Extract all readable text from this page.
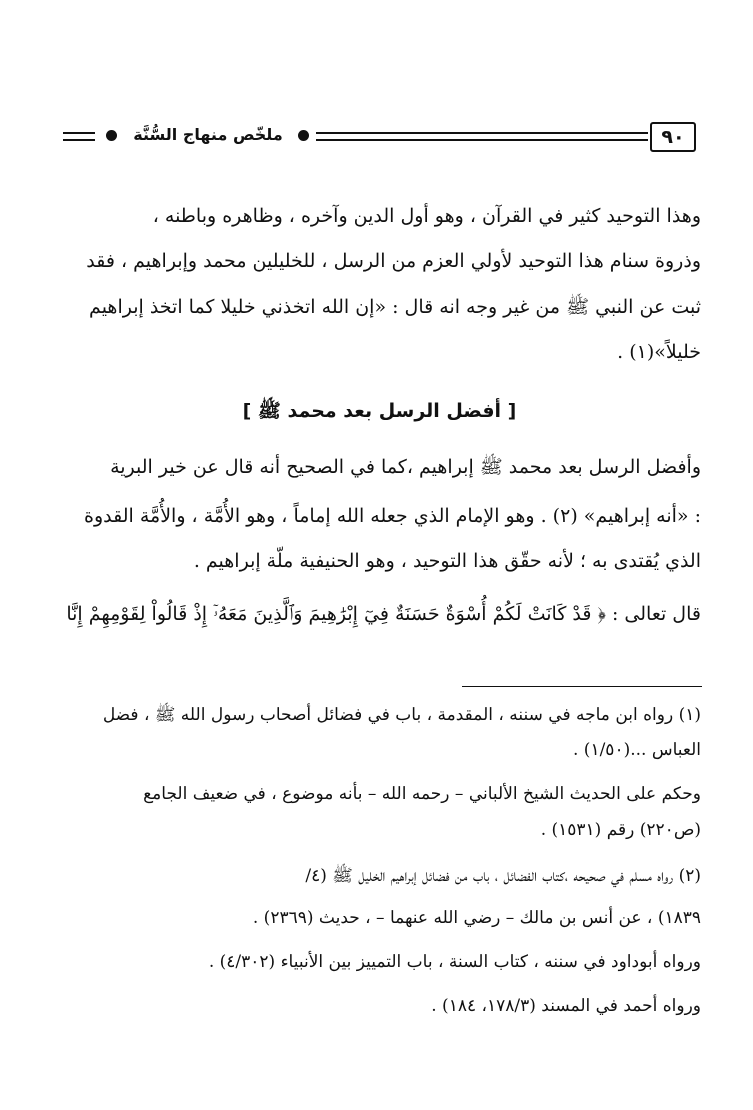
٩٠
ملخّص منهاج السُّنَّة
وهذا التوحيد كثير في القرآن ، وهو أول الدين وآخره ، وظاهره وباطنه ،
وذروة سنام هذا التوحيد لأولي العزم من الرسل ، للخليلين محمد وإبراهيم ، فقد
ثبت عن النبي ﷺ من غير وجه انه قال : «إن الله اتخذني خليلا كما اتخذ إبراهيم
خليلاً»(١) .
[ أفضل الرسل بعد محمد ﷺ ]
وأفضل الرسل بعد محمد ﷺ إبراهيم ،كما في الصحيح أنه قال عن خير البرية
: «أنه إبراهيم» (٢) . وهو الإمام الذي جعله الله إماماً ، وهو الأُمَّة ، والأُمَّة القدوة
الذي يُقتدى به ؛ لأنه حقّق هذا التوحيد ، وهو الحنيفية ملّة إبراهيم .
قال تعالى : ﴿ قَدْ كَانَتْ لَكُمْ أُسْوَةٌ حَسَنَةٌ فِيٓ إِبْرَٰهِيمَ وَٱلَّذِينَ مَعَهُۥٓ إِذْ قَالُواْ لِقَوْمِهِمْ إِنَّا
(١) رواه ابن ماجه في سننه ، المقدمة ، باب في فضائل أصحاب رسول الله ﷺ ، فضل
العباس ...(١/٥٠) .
وحكم على الحديث الشيخ الألباني – رحمه الله – بأنه موضوع ، في ضعيف الجامع
(ص٢٢٠) رقم (١٥٣١) .
(٢) رواه مسلم في صحيحه ،كتاب الفضائل ، باب من فضائل إبراهيم الخليل ﷺ (٤/
١٨٣٩) ، عن أنس بن مالك – رضي الله عنهما – ، حديث (٢٣٦٩) .
ورواه أبوداود في سننه ، كتاب السنة ، باب التمييز بين الأنبياء (٤/٣٠٢) .
ورواه أحمد في المسند (١٧٨/٣، ١٨٤) .
